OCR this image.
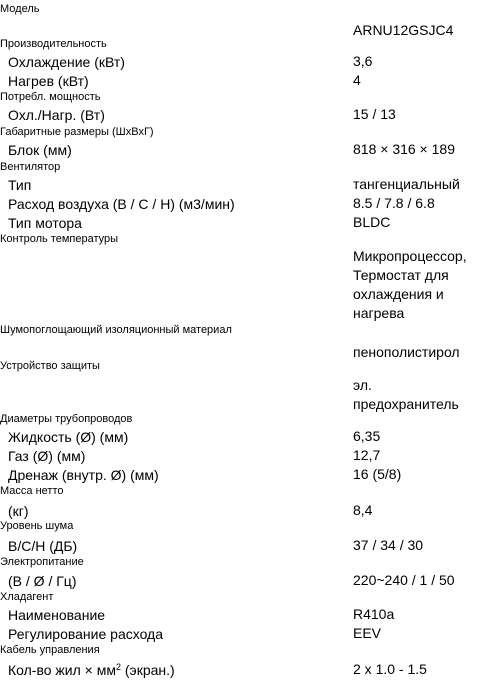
Модель
ARNU12GSJC4
Производительность
Охлаждение (кВт)	3,6
Нагрев (кВт)	4
Потребл. мощность
Охл./Нагр. (Вт)	15 / 13
Габаритные размеры (ШхВхГ)
Блок (мм)	818 × 316 × 189
Вентилятор
Тип	тангенциальный
Расход воздуха (В / С / Н) (м3/мин)	8.5 / 7.8 / 6.8
Тип мотора	BLDC
Контроль температуры
Микропроцессор,
Термостат для
охлаждения и
нагрева
Шумопоглощающий изоляционный материал
пенополистирол
Устройство защиты
эл.
предохранитель
Диаметры трубопроводов
Жидкость (Ø) (мм)	6,35
Газ (Ø) (мм)	12,7
Дренаж (внутр. Ø) (мм)	16 (5/8)
Масса нетто
(кг)	8,4
Уровень шума
В/С/Н (ДБ)	37 / 34 / 30
Электропитание
(В / Ø / Гц)	220~240 / 1 / 50
Хладагент
Наименование	R410a
Регулирование расхода	EEV
Кабель управления
Кол-во жил × $мм^2$ (экран.)	2 x 1.0 - 1.5
